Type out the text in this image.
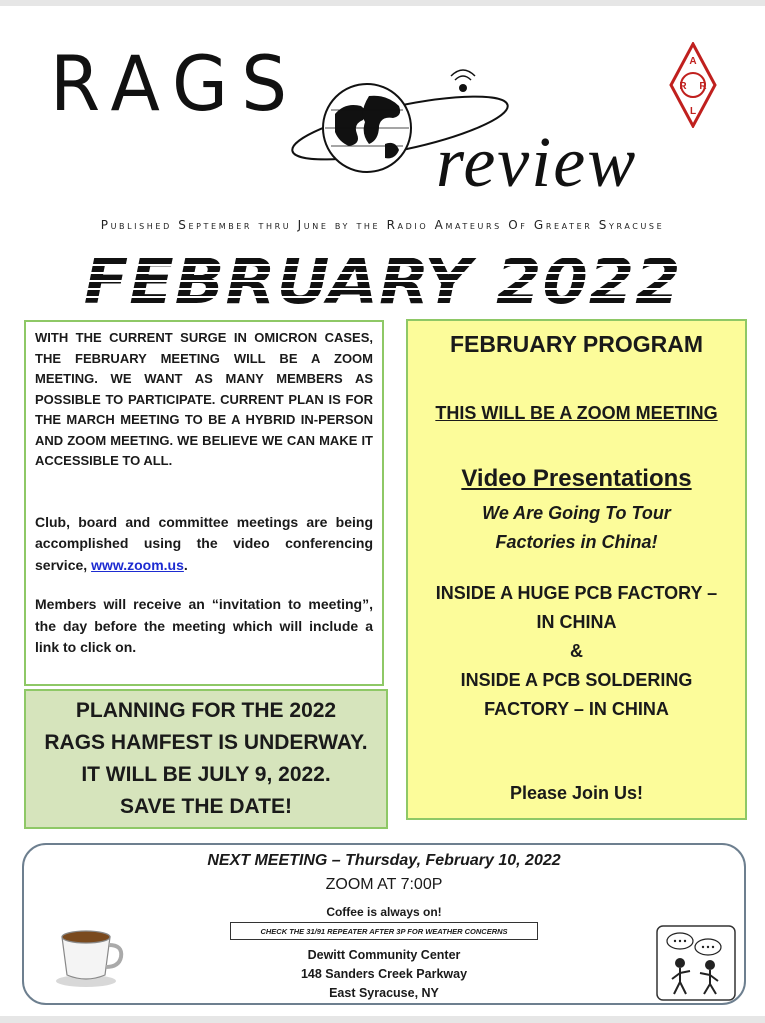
RAGS
review
A
R R
L
Published September thru June by the Radio Amateurs Of Greater Syracuse
FEBRUARY 2022
WITH THE CURRENT SURGE IN OMICRON CASES, THE FEBRUARY MEETING WILL BE A ZOOM MEETING. WE WANT AS MANY MEMBERS AS POSSIBLE TO PARTICIPATE. CURRENT PLAN IS FOR THE MARCH MEETING TO BE A HYBRID IN-PERSON AND ZOOM MEETING. WE BELIEVE WE CAN MAKE IT ACCESSIBLE TO ALL.

Club, board and committee meetings are being accomplished using the video conferencing service, www.zoom.us.

Members will receive an “invitation to meeting”, the day before the meeting which will include a link to click on.

PLANNING FOR THE 2022
RAGS HAMFEST IS UNDERWAY.
IT WILL BE JULY 9, 2022.
SAVE THE DATE!
FEBRUARY PROGRAM
THIS WILL BE A ZOOM MEETING
Video Presentations
We Are Going To Tour
Factories in China!
INSIDE A HUGE PCB FACTORY –
IN CHINA
&
INSIDE A PCB SOLDERING
FACTORY – IN CHINA
Please Join Us!
NEXT MEETING – Thursday, February 10, 2022
ZOOM AT 7:00P
Coffee is always on!
CHECK THE 31/91 REPEATER AFTER 3P FOR WEATHER CONCERNS
Dewitt Community Center
148 Sanders Creek Parkway
East Syracuse, NY
